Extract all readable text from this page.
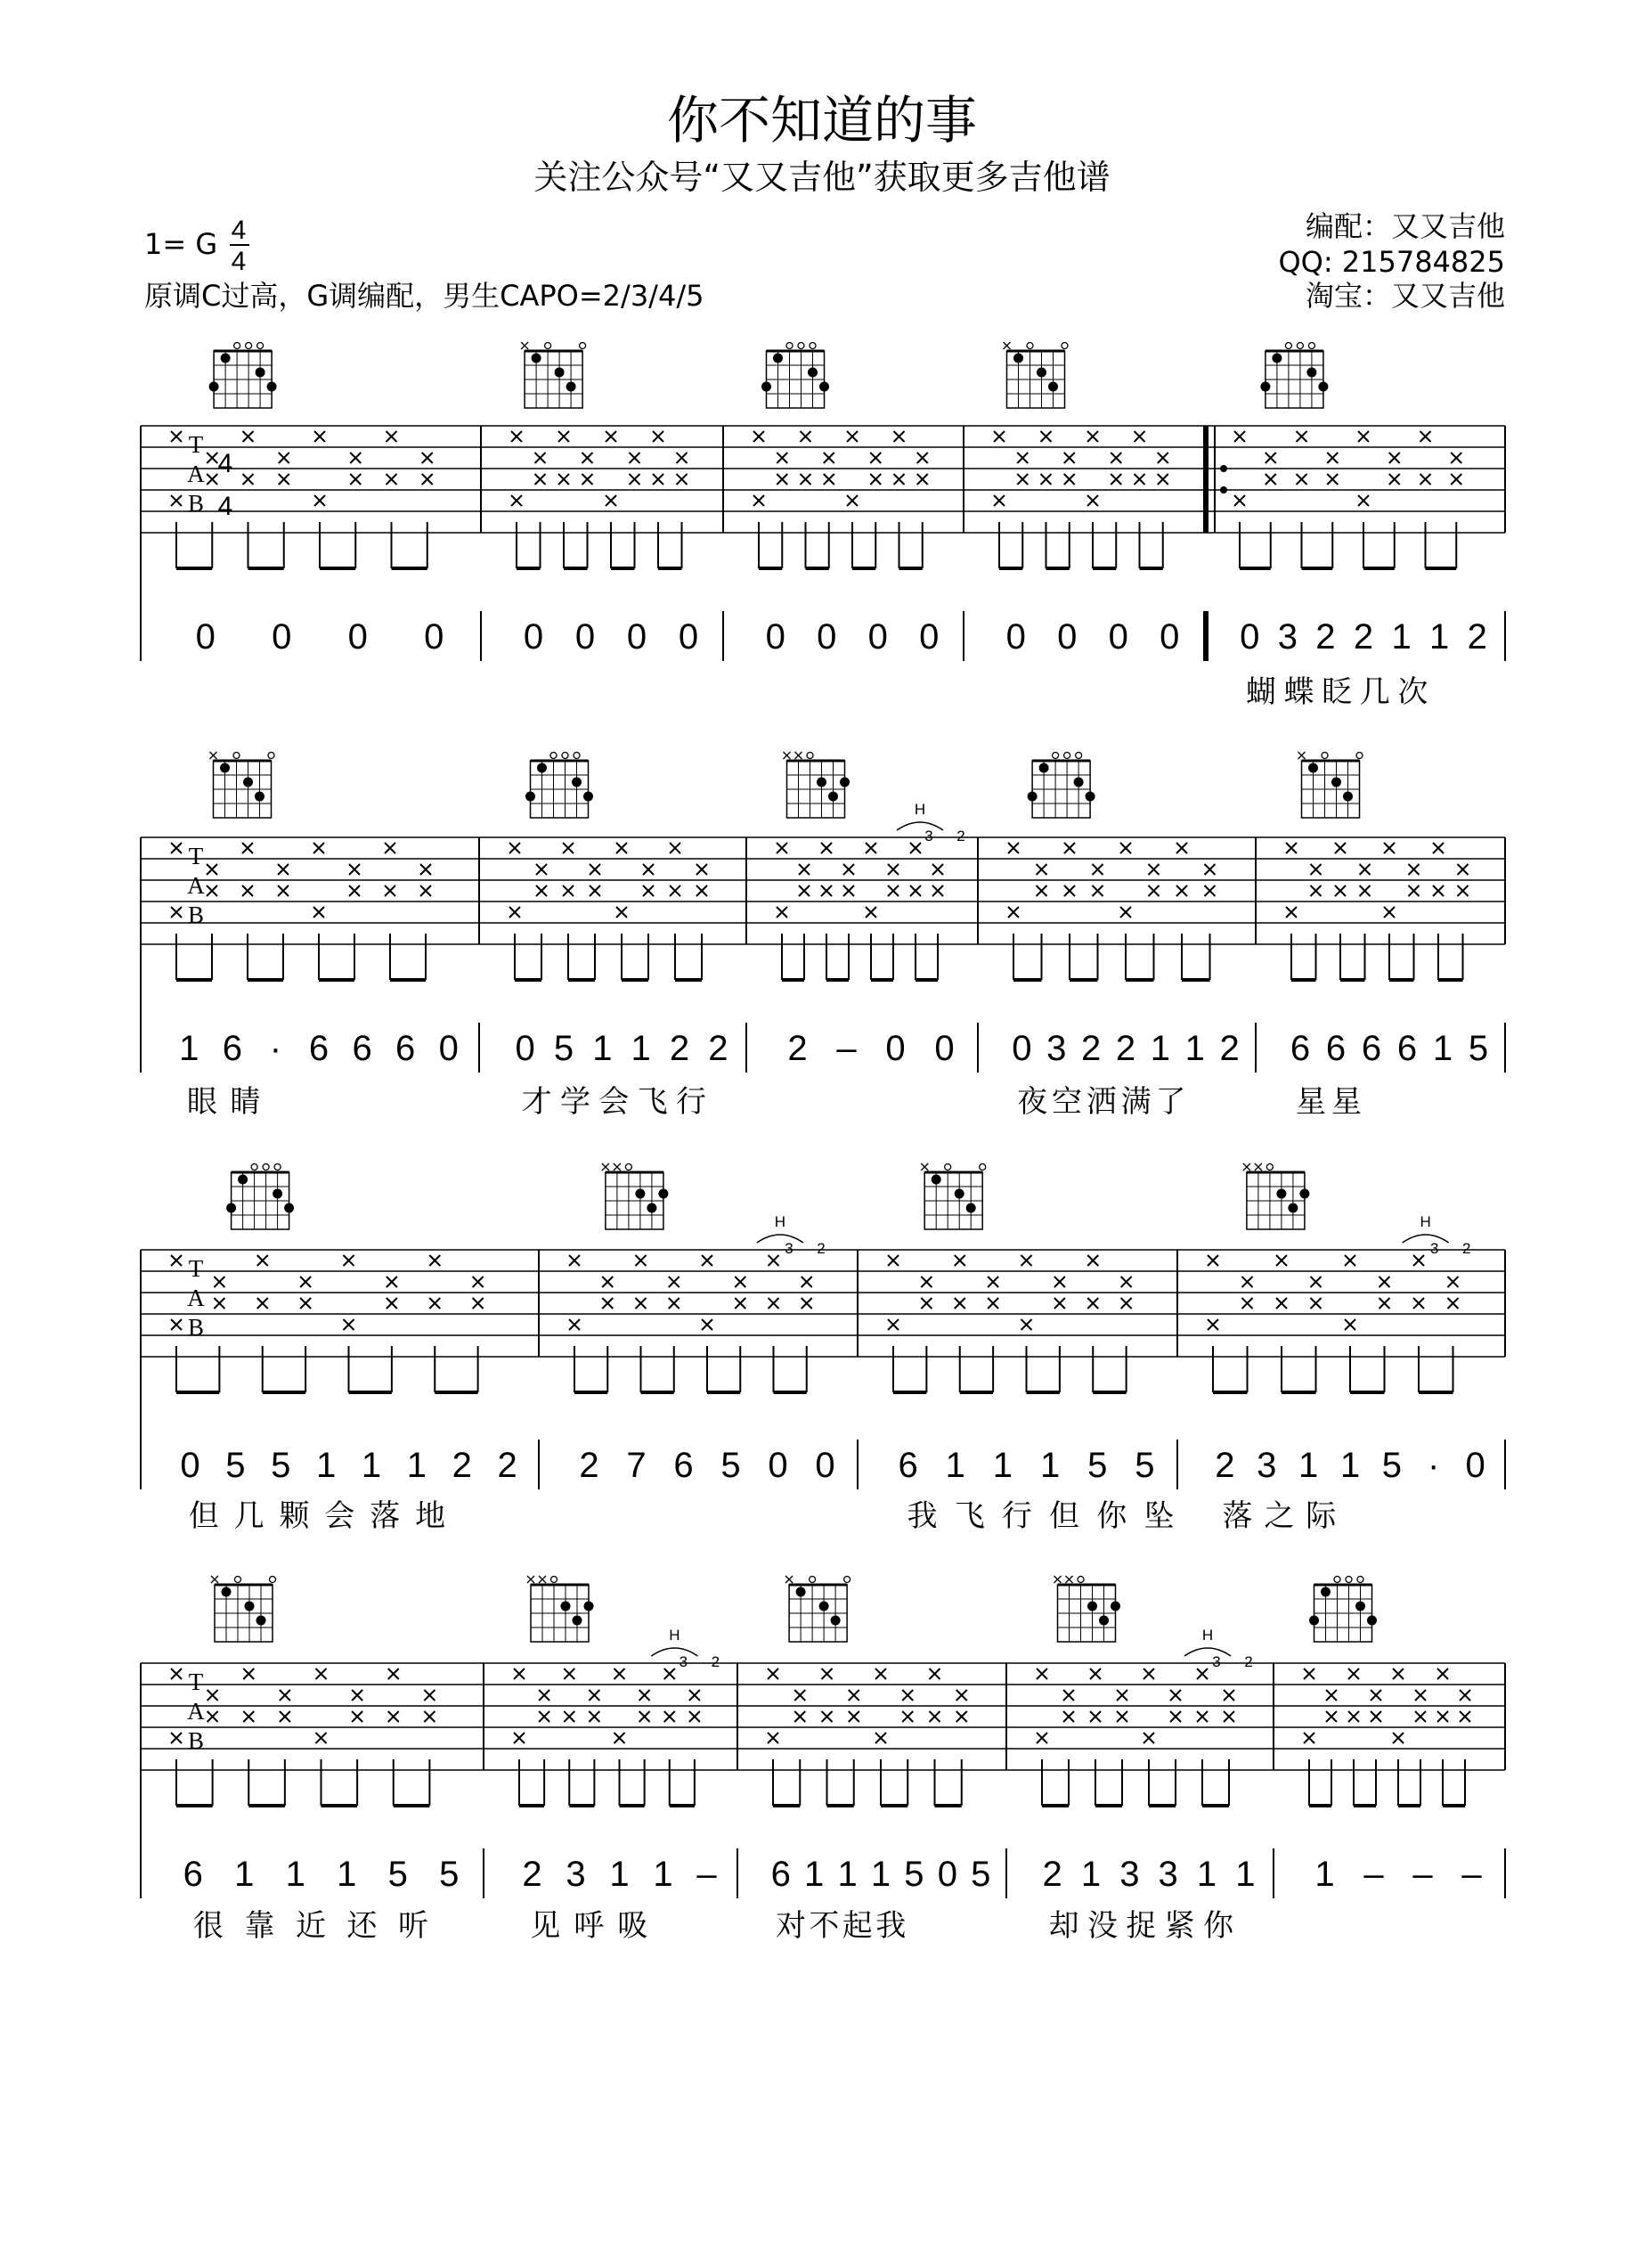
你不知道的事
关注公众号“又又吉他”获取更多吉他谱
1= G 4
4
原调C过高，G调编配，男生CAPO=2/3/4/5
编配：又又吉他
QQ: 215784825
淘宝：又又吉他
T
A
B
4
4
0 0 0 0 0 0 0 0 0 0 0 0 0 0 0 0 0 3 2 2 1 1 2
蝴 蝶 眨 几 次
T
A
B
1 6 · 6 6 6 0
眼 睛
0 5 1 1 2 2
才 学 会 飞 行
H
3 2
2 – 0 0 0 3 2 2 1 1 2
夜 空 洒 满 了
6 6 6 6 1 5
星 星
T
A
B
0 5 5 1 1 1 2 2
但 几 颗 会 落 地
H
3 2
2 7 6 5 0 0 6 1 1 1 5 5
我 飞 行 但 你 坠
H
3 2
2 3 1 1 5 · 0
落 之 际
T
A
B
6 1 1 1 5 5
很 靠 近 还 听
H
3 2
2 3 1 1 –
见 呼 吸
6 1 1 1 5 0 5
对 不 起 我
H
3 2
2 1 3 3 1 1
却 没 捉 紧 你
1 – – –
